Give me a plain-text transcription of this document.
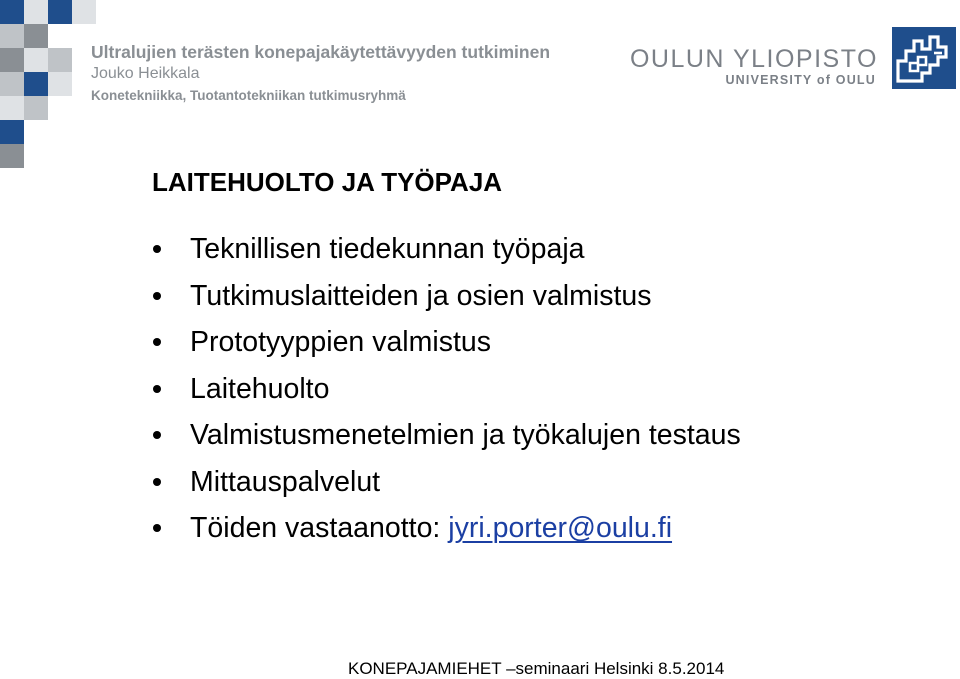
Ultralujien terästen konepajakäytettävyyden tutkiminen
Jouko Heikkala
Konetekniikka, Tuotantotekniikan tutkimusryhmä
OULUN YLIOPISTO
UNIVERSITY of OULU
LAITEHUOLTO JA TYÖPAJA
Teknillisen tiedekunnan työpaja
Tutkimuslaitteiden ja osien valmistus
Prototyyppien valmistus
Laitehuolto
Valmistusmenetelmien ja työkalujen testaus
Mittauspalvelut
Töiden vastaanotto: jyri.porter@oulu.fi
KONEPAJAMIEHET –seminaari Helsinki 8.5.2014
